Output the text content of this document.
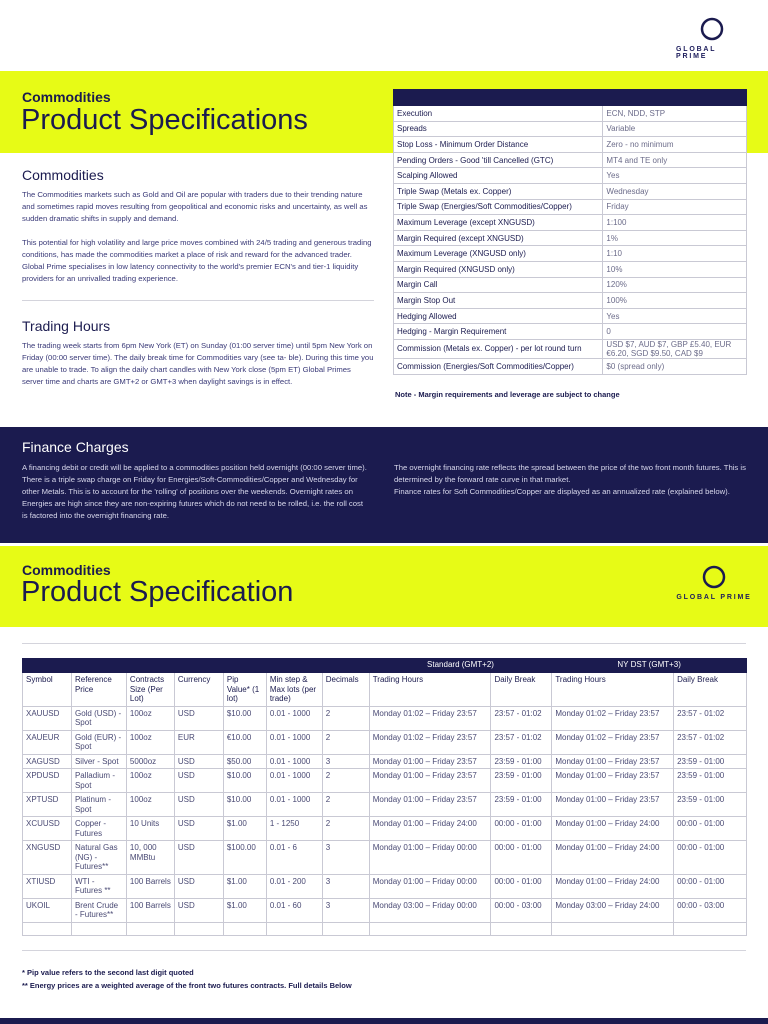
GLOBAL PRIME
Commodities
Product Specifications
		Execution	ECN, NDD, STP
Spreads	Variable
Stop Loss - Minimum Order Distance	Zero - no minimum
Pending Orders - Good 'till Cancelled (GTC)	MT4 and TE only
Scalping Allowed	Yes
Triple Swap (Metals ex. Copper)	Wednesday
Triple Swap (Energies/Soft Commodities/Copper)	Friday
Maximum Leverage (except XNGUSD)	1:100
Margin Required (except XNGUSD)	1%
Maximum Leverage (XNGUSD only)	1:10
Margin Required (XNGUSD only)	10%
Margin Call	120%
Margin Stop Out	100%
Hedging Allowed	Yes
Hedging - Margin Requirement	0
Commission (Metals ex. Copper) - per lot round turn	USD $7, AUD $7, GBP £5.40, EUR €6.20, SGD $9.50, CAD $9
Commission (Energies/Soft Commodities/Copper)	$0 (spread only)
Note - Margin requirements and leverage are subject to change
Commodities
The Commodities markets such as Gold and Oil are popular with traders due to their trending nature and sometimes rapid moves resulting from geopolitical and economic risks and uncertainty, as well as sudden dramatic shifts in supply and demand.
This potential for high volatility and large price moves combined with 24/5 trading and generous trading conditions, has made the commodities market a place of risk and reward for the advanced trader. Global Prime specialises in low latency connectivity to the world's premier ECN's and tier-1 liquidity providers for an unrivalled trading experience.
Trading Hours
The trading week starts from 6pm New York (ET) on Sunday (01:00 server time) until 5pm New York on Friday (00:00 server time). The daily break time for Commodities vary (see ta- ble). During this time you are unable to trade. To align the daily chart candles with New York close (5pm ET) Global Primes server time and charts are GMT+2 or GMT+3 when daylight savings is in effect.
Finance Charges
A financing debit or credit will be applied to a commodities position held overnight (00:00 server time). There is a triple swap charge on Friday for Energies/Soft-Commodities/Copper and Wednesday for other Metals. This is to account for the 'rolling' of positions over the weekends. Overnight rates on Energies are high since they are non-expiring futures which do not need to be rolled, i.e. the roll cost is factored into the overnight financing rate.
The overnight financing rate reflects the spread between the price of the two front month futures. This is determined by the forward rate curve in that market.
Finance rates for Soft Commodities/Copper are displayed as an annualized rate (explained below).
Commodities
Product Specification	GLOBAL PRIME
							Standard (GMT+2)		NY DST (GMT+3)	
Symbol	Reference Price	Contracts Size (Per Lot)	Currency	Pip Value* (1 lot)	Min step & Max lots (per trade)	Decimals	Trading Hours	Daily Break	Trading Hours	Daily Break
XAUUSD	Gold (USD) - Spot	100oz	USD	$10.00	0.01 - 1000	2	Monday 01:02 – Friday 23:57	23:57 - 01:02	Monday 01:02 – Friday 23:57	23:57 - 01:02
XAUEUR	Gold (EUR) - Spot	100oz	EUR	€10.00	0.01 - 1000	2	Monday 01:02 – Friday 23:57	23:57 - 01:02	Monday 01:02 – Friday 23:57	23:57 - 01:02
XAGUSD	Silver - Spot	5000oz	USD	$50.00	0.01 - 1000	3	Monday 01:00 – Friday 23:57	23:59 - 01:00	Monday 01:00 – Friday 23:57	23:59 - 01:00
XPDUSD	Palladium - Spot	100oz	USD	$10.00	0.01 - 1000	2	Monday 01:00 – Friday 23:57	23:59 - 01:00	Monday 01:00 – Friday 23:57	23:59 - 01:00
XPTUSD	Platinum - Spot	100oz	USD	$10.00	0.01 - 1000	2	Monday 01:00 – Friday 23:57	23:59 - 01:00	Monday 01:00 – Friday 23:57	23:59 - 01:00
XCUUSD	Copper - Futures	10 Units	USD	$1.00	1 - 1250	2	Monday 01:00 – Friday 24:00	00:00 - 01:00	Monday 01:00 – Friday 24:00	00:00 - 01:00
XNGUSD	Natural Gas (NG) - Futures**	10, 000 MMBtu	USD	$100.00	0.01 - 6	3	Monday 01:00 – Friday 00:00	00:00 - 01:00	Monday 01:00 – Friday 24:00	00:00 - 01:00
XTIUSD	WTI - Futures **	100 Barrels	USD	$1.00	0.01 - 200	3	Monday 01:00 – Friday 00:00	00:00 - 01:00	Monday 01:00 – Friday 24:00	00:00 - 01:00
UKOIL	Brent Crude - Futures**	100 Barrels	USD	$1.00	0.01 - 60	3	Monday 03:00 – Friday 00:00	00:00 - 03:00	Monday 03:00 – Friday 24:00	00:00 - 03:00

* Pip value refers to the second last digit quoted
** Energy prices are a weighted average of the front two futures contracts. Full details Below
